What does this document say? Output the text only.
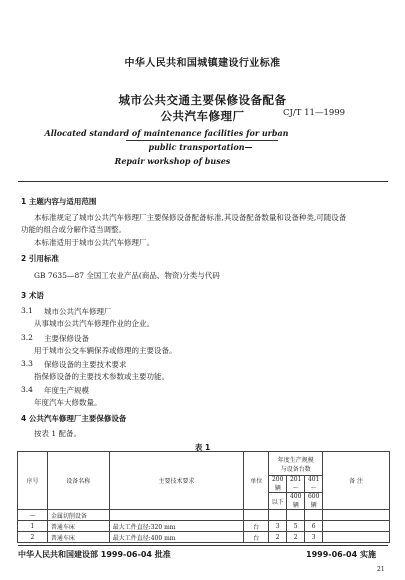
中华人民共和国城镇建设行业标准
城市公共交通主要保修设备配备
公共汽车修理厂	CJ/T 11—1999
Allocated standard of maintenance facilities for urban
public transportation—
Repair workshop of buses
1 主题内容与适用范围
本标准规定了城市公共汽车修理厂主要保修设备配备标准,其设备配备数量和设备种类,可随设备
功能的组合或分解作适当调整。
本标准适用于城市公共汽车修理厂。
2 引用标准
GB 7635—87 全国工农业产品(商品、物资)分类与代码
3 术语
3.1 城市公共汽车修理厂
从事城市公共汽车修理作业的企业。
3.2 主要保修设备
用于城市公交车辆保养或修理的主要设备。
3.3 保修设备的主要技术要求
指保修设备的主要技术参数或主要功能。
3.4 年度生产规模
年度汽车大修数量。
4 公共汽车修理厂主要保修设备
按表 1 配备。
表 1
序号	设备名称	主要技术要求	单位	年度生产规模
与设备台数			备 注
				200 辆	201～	401～	
				以下	400 辆	600 辆	
—	金属切削设备						
1	普通车床	最大工件直径:320 mm	台	3	5	6	
2	普通车床	最大工件直径:400 mm	台	2	2	3	
中华人民共和国建设部 1999-06-04 批准	1999-06-04 实施
21
